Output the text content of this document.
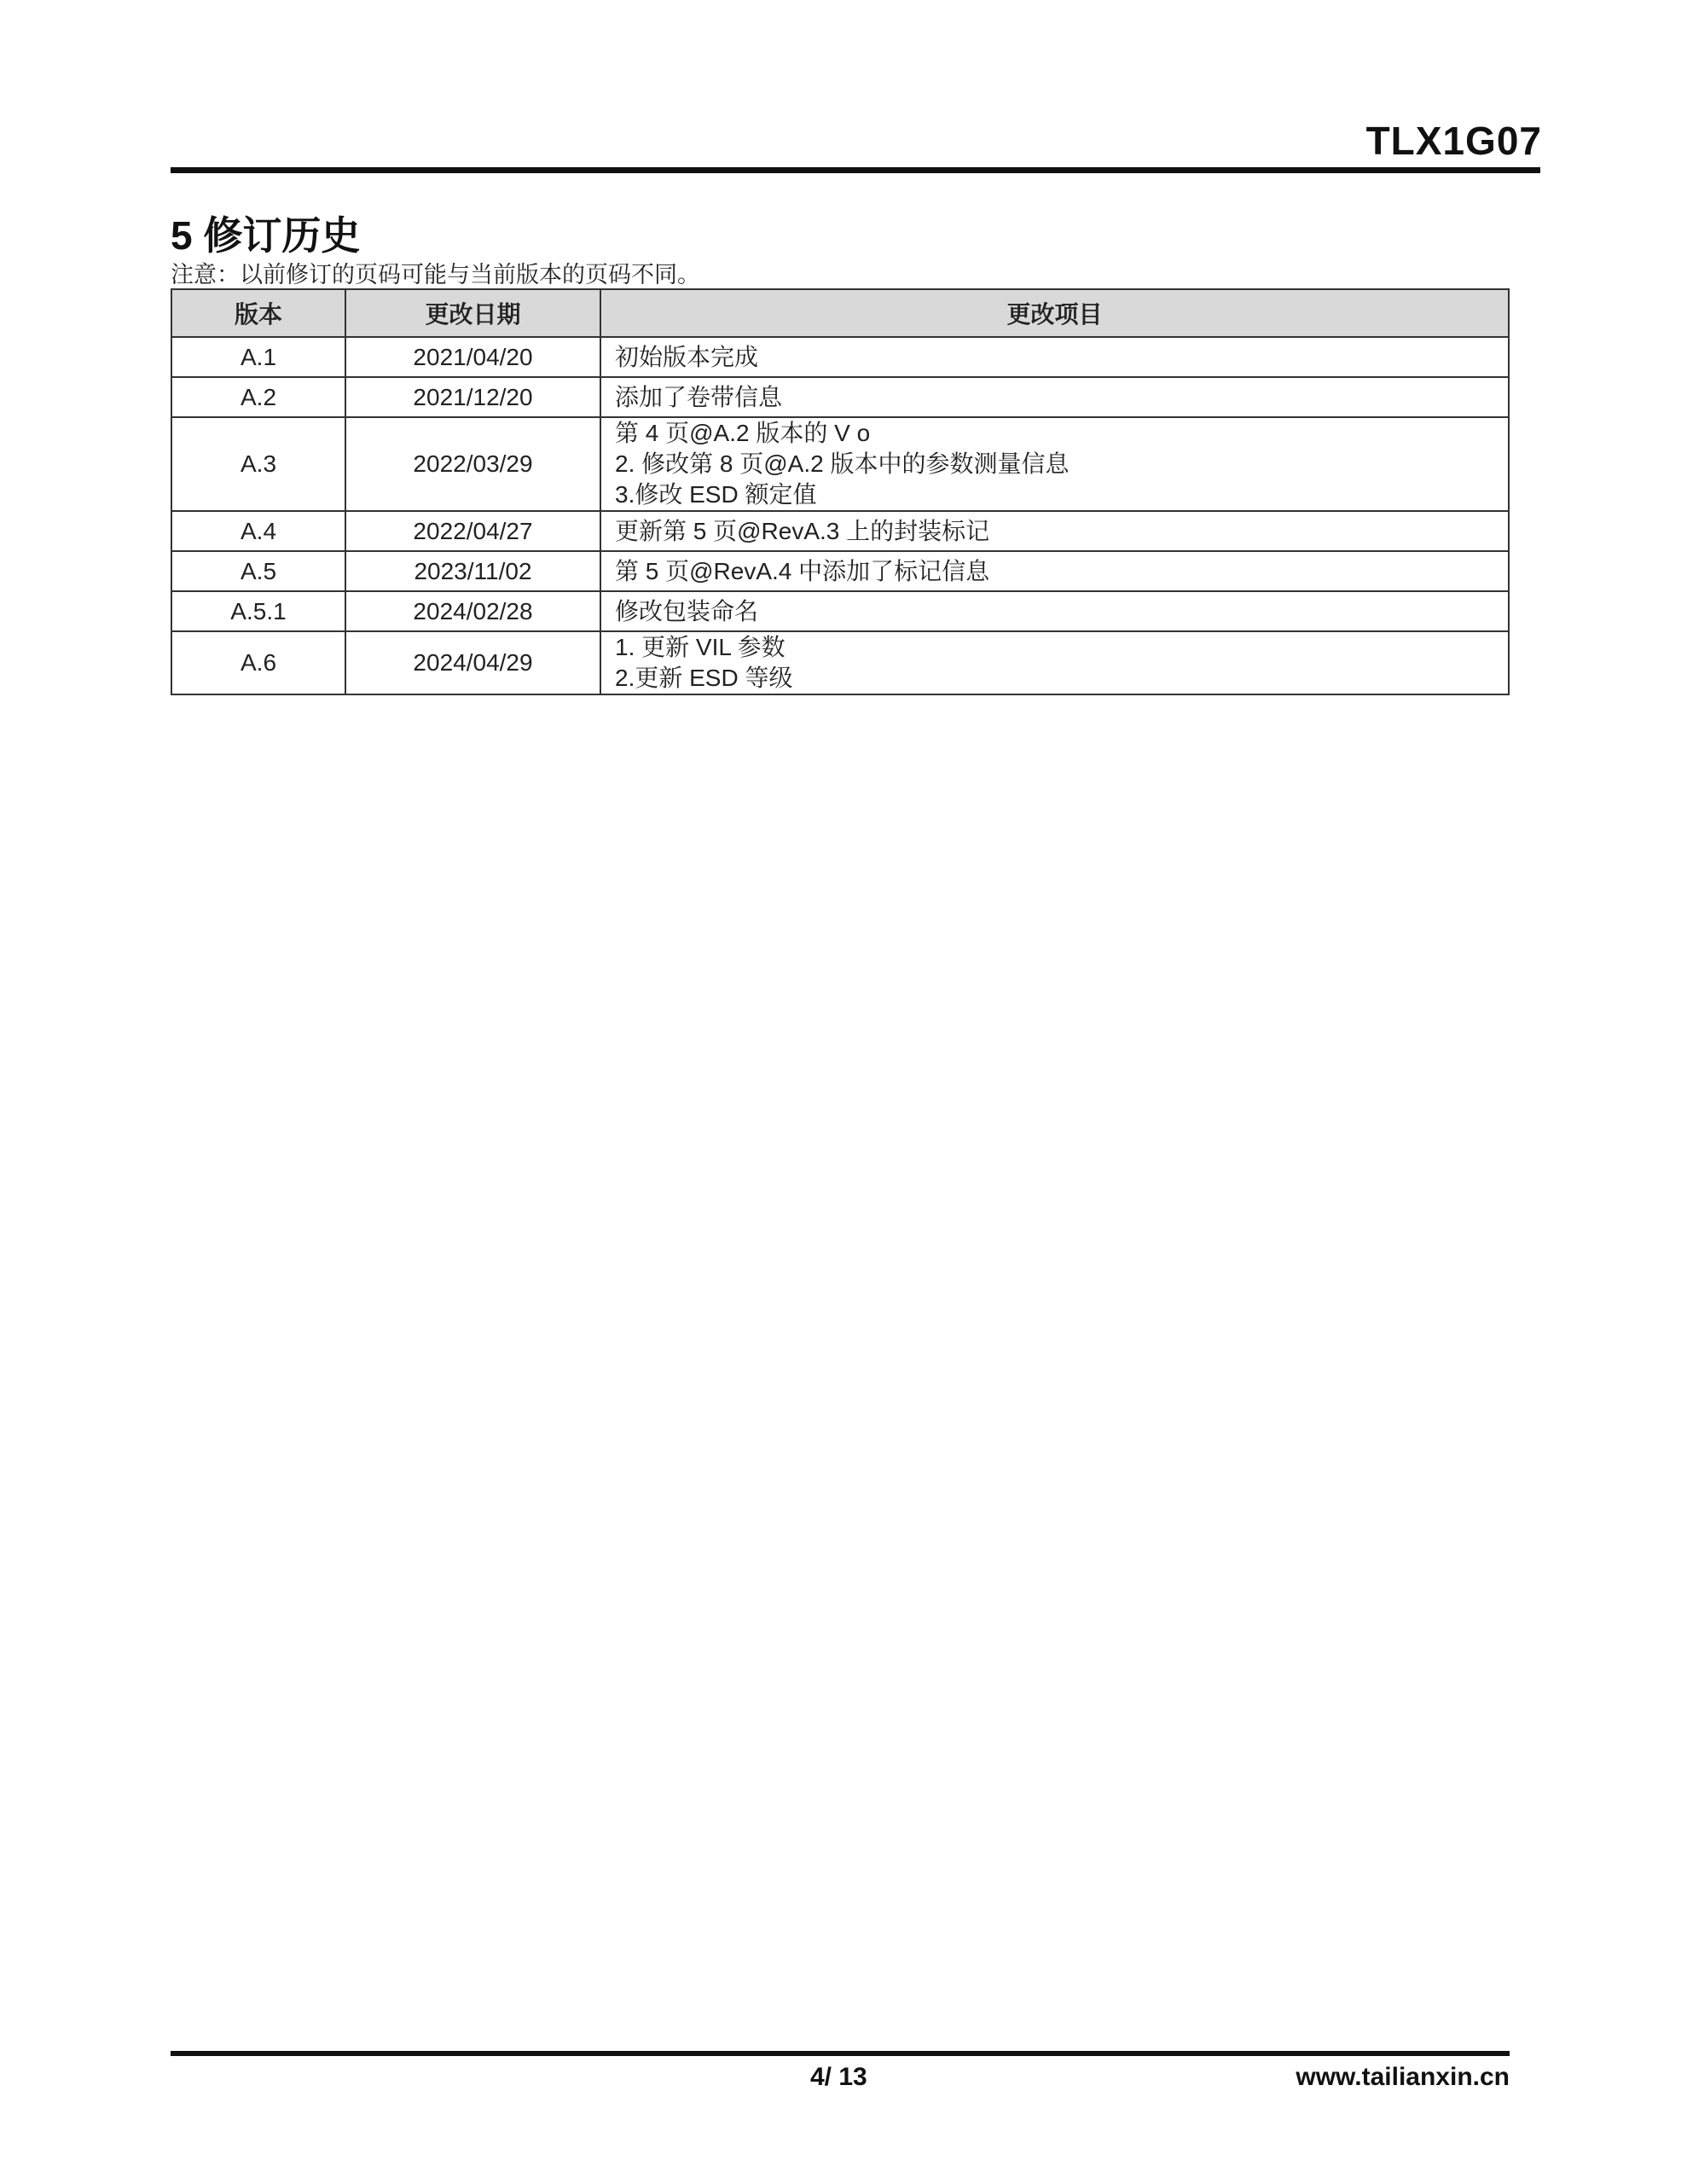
TLX1G07
5 修订历史
注意：以前修订的页码可能与当前版本的页码不同。
版本	更改日期	更改项目
A.1	2021/04/20	初始版本完成

A.2	2021/12/20	添加了卷带信息

A.3	2022/03/29	第 4 页@A.2 版本的 V o
2. 修改第 8 页@A.2 版本中的参数测量信息
3.修改 ESD 额定值

A.4	2022/04/27	更新第 5 页@RevA.3 上的封装标记

A.5	2023/11/02	第 5 页@RevA.4 中添加了标记信息

A.5.1	2024/02/28	修改包装命名

A.6	2024/04/29	1. 更新 VIL 参数
2.更新 ESD 等级
4/ 13	www.tailianxin.cn
